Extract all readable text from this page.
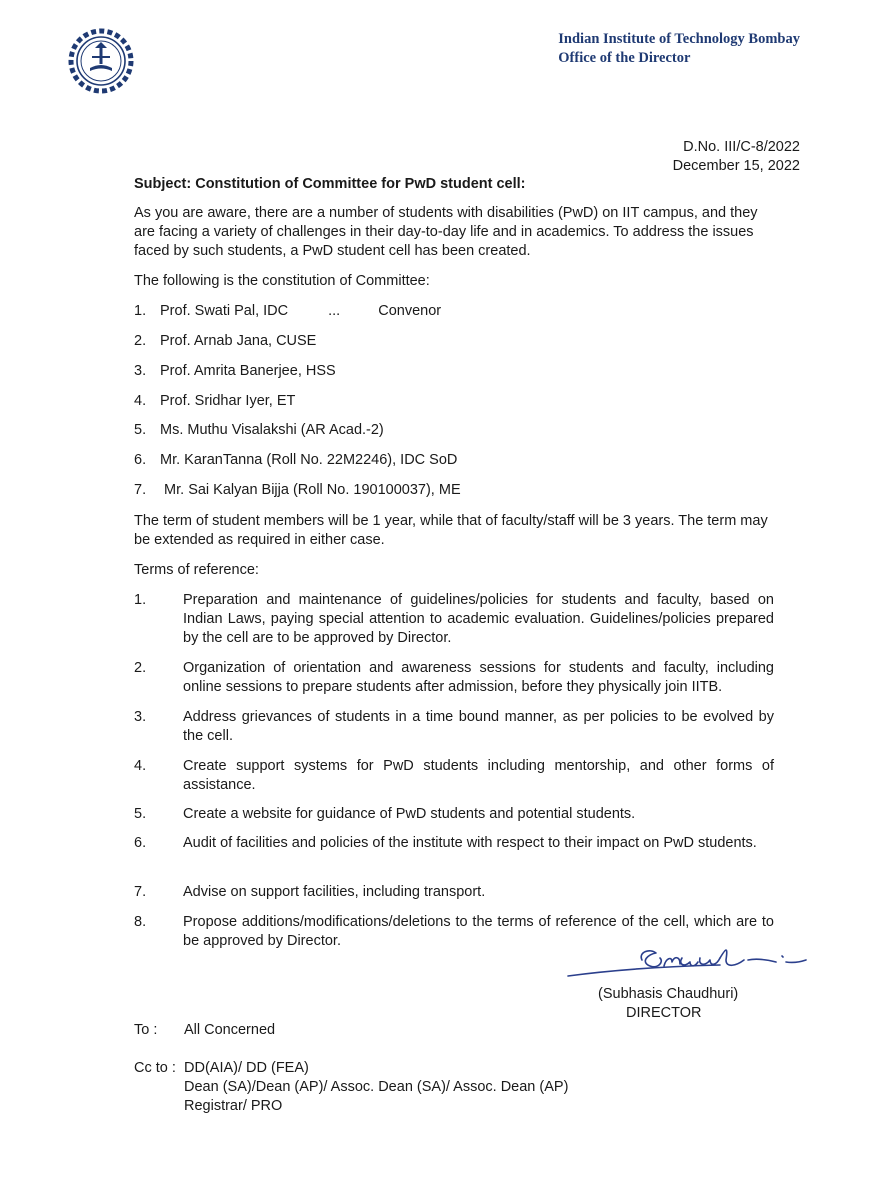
Indian Institute of Technology Bombay
Office of the Director
D.No. III/C-8/2022
December 15, 2022
Subject: Constitution of Committee for PwD student cell:
As you are aware, there are a number of students with disabilities (PwD) on IIT campus, and they are facing a variety of challenges in their day-to-day life and in academics. To address the issues faced by such students, a PwD student cell has been created.
The following is the constitution of Committee:
1. Prof. Swati Pal, IDC	...	Convenor
2. Prof. Arnab Jana, CUSE
3. Prof. Amrita Banerjee, HSS
4. Prof. Sridhar Iyer, ET
5. Ms. Muthu Visalakshi (AR Acad.-2)
6. Mr. KaranTanna (Roll No. 22M2246), IDC SoD
7. Mr. Sai Kalyan Bijja (Roll No. 190100037), ME
The term of student members will be 1 year, while that of faculty/staff will be 3 years. The term may be extended as required in either case.
Terms of reference:
1.	Preparation and maintenance of guidelines/policies for students and faculty, based on Indian Laws, paying special attention to academic evaluation. Guidelines/policies prepared by the cell are to be approved by Director.
2.	Organization of orientation and awareness sessions for students and faculty, including online sessions to prepare students after admission, before they physically join IITB.
3.	Address grievances of students in a time bound manner, as per policies to be evolved by the cell.
4.	Create support systems for PwD students including mentorship, and other forms of assistance.
5.	Create a website for guidance of PwD students and potential students.
6.	Audit of facilities and policies of the institute with respect to their impact on PwD students.
7.	Advise on support facilities, including transport.
8.	Propose additions/modifications/deletions to the terms of reference of the cell, which are to be approved by Director.
(Subhasis Chaudhuri)
DIRECTOR
To : All Concerned
Cc to : DD(AIA)/ DD (FEA)
Dean (SA)/Dean (AP)/ Assoc. Dean (SA)/ Assoc. Dean (AP)
Registrar/ PRO
